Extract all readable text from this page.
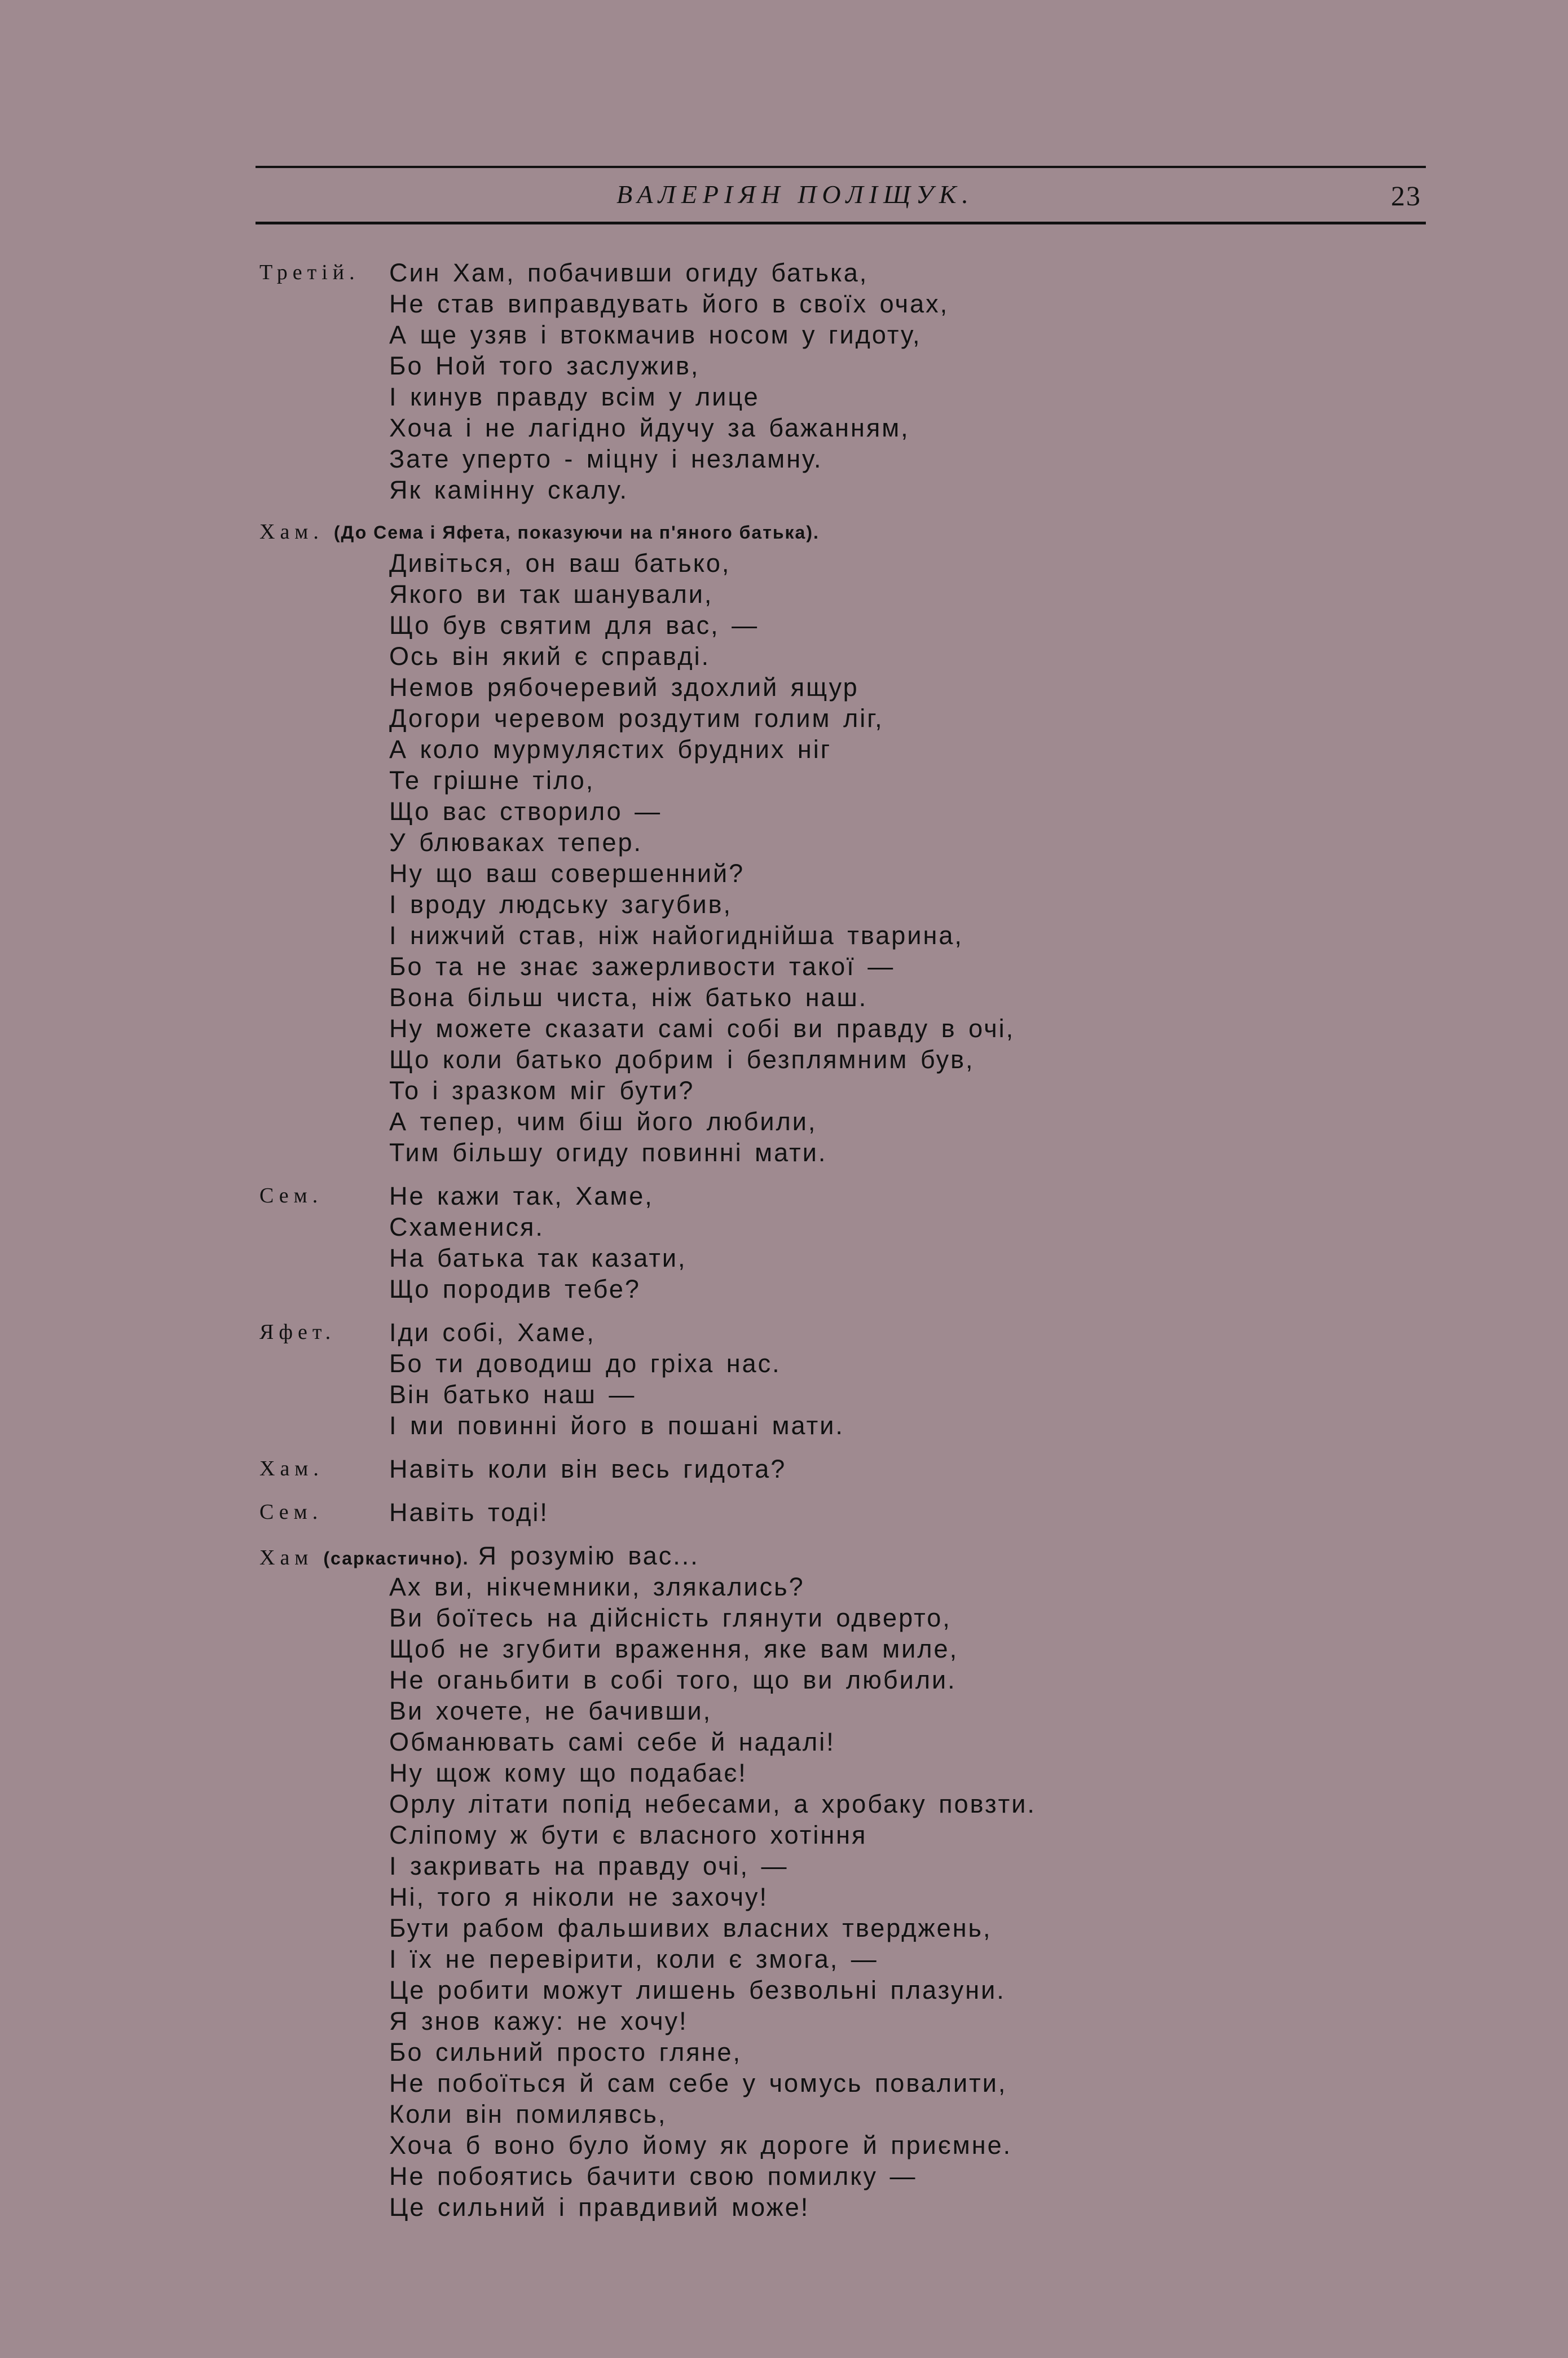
ВАЛЕРІЯН ПОЛІЩУК.	23
Третій.	Син Хам, побачивши огиду батька,
Не став виправдувать його в своїх очах,
А ще узяв і втокмачив носом у гидоту,
Бо Ной того заслужив,
І кинув правду всім у лице
Хоча і не лагідно йдучу за бажанням,
Зате уперто - міцну і незламну.
Як камінну скалу.
Хам. (До Сема і Яфета, показуючи на п'яного батька).
Дивіться, он ваш батько,
Якого ви так шанували,
Що був святим для вас, —
Ось він який є справді.
Немов рябочеревий здохлий ящур
Догори черевом роздутим голим ліг,
А коло мурмулястих брудних ніг
Те грішне тіло,
Що вас створило —
У блюваках тепер.
Ну що ваш совершенний?
І вроду людську загубив,
І нижчий став, ніж найогиднійша тварина,
Бо та не знає зажерливости такої —
Вона більш чиста, ніж батько наш.
Ну можете сказати самі собі ви правду в очі,
Що коли батько добрим і безплямним був,
То і зразком міг бути?
А тепер, чим біш його любили,
Тим більшу огиду повинні мати.
Сем.	Не кажи так, Хаме,
Схаменися.
На батька так казати,
Що породив тебе?
Яфет.	Іди собі, Хаме,
Бо ти доводиш до гріха нас.
Він батько наш —
І ми повинні його в пошані мати.
Хам.	Навіть коли він весь гидота?
Сем.	Навіть тоді!
Хам (саркастично). Я розумію вас...
Ах ви, нікчемники, злякались?
Ви боїтесь на дійсність глянути одверто,
Щоб не згубити враження, яке вам миле,
Не оганьбити в собі того, що ви любили.
Ви хочете, не бачивши,
Обманювать самі себе й надалі!
Ну щож кому що подабає!
Орлу літати попід небесами, а хробаку повзти.
Сліпому ж бути є власного хотіння
І закривать на правду очі, —
Ні, того я ніколи не захочу!
Бути рабом фальшивих власних тверджень,
І їх не перевірити, коли є змога, —
Це робити можут лишень безвольні плазуни.
Я знов кажу: не хочу!
Бо сильний просто гляне,
Не побоїться й сам себе у чомусь повалити,
Коли він помилявсь,
Хоча б воно було йому як дороге й приємне.
Не побоятись бачити свою помилку —
Це сильний і правдивий може!
